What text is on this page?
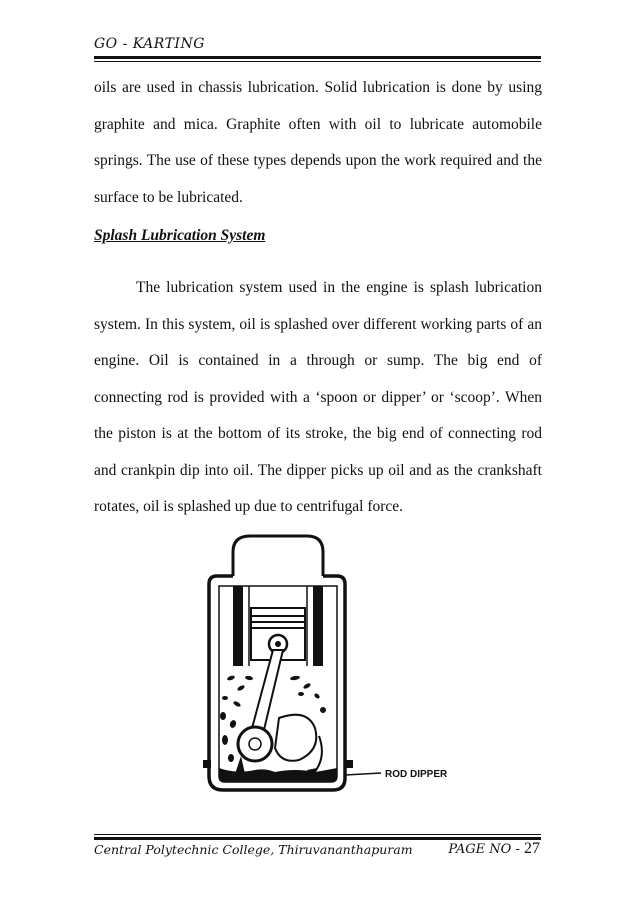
GO - KARTING

oils are used in chassis lubrication. Solid lubrication is done by using graphite and mica. Graphite often with oil to lubricate automobile springs. The use of these types depends upon the work required and the surface to be lubricated.

Splash Lubrication System

The lubrication system used in the engine is splash lubrication system. In this system, oil is splashed over different working parts of an engine. Oil is contained in a through or sump. The big end of connecting rod is provided with a ‘spoon or dipper’ or ‘scoop’. When the piston is at the bottom of its stroke, the big end of connecting rod and crankpin dip into oil. The dipper picks up oil and as the crankshaft rotates, oil is splashed up due to centrifugal force.

ROD DIPPER
Central Polytechnic College, Thiruvananthapuram	PAGE NO - 27
